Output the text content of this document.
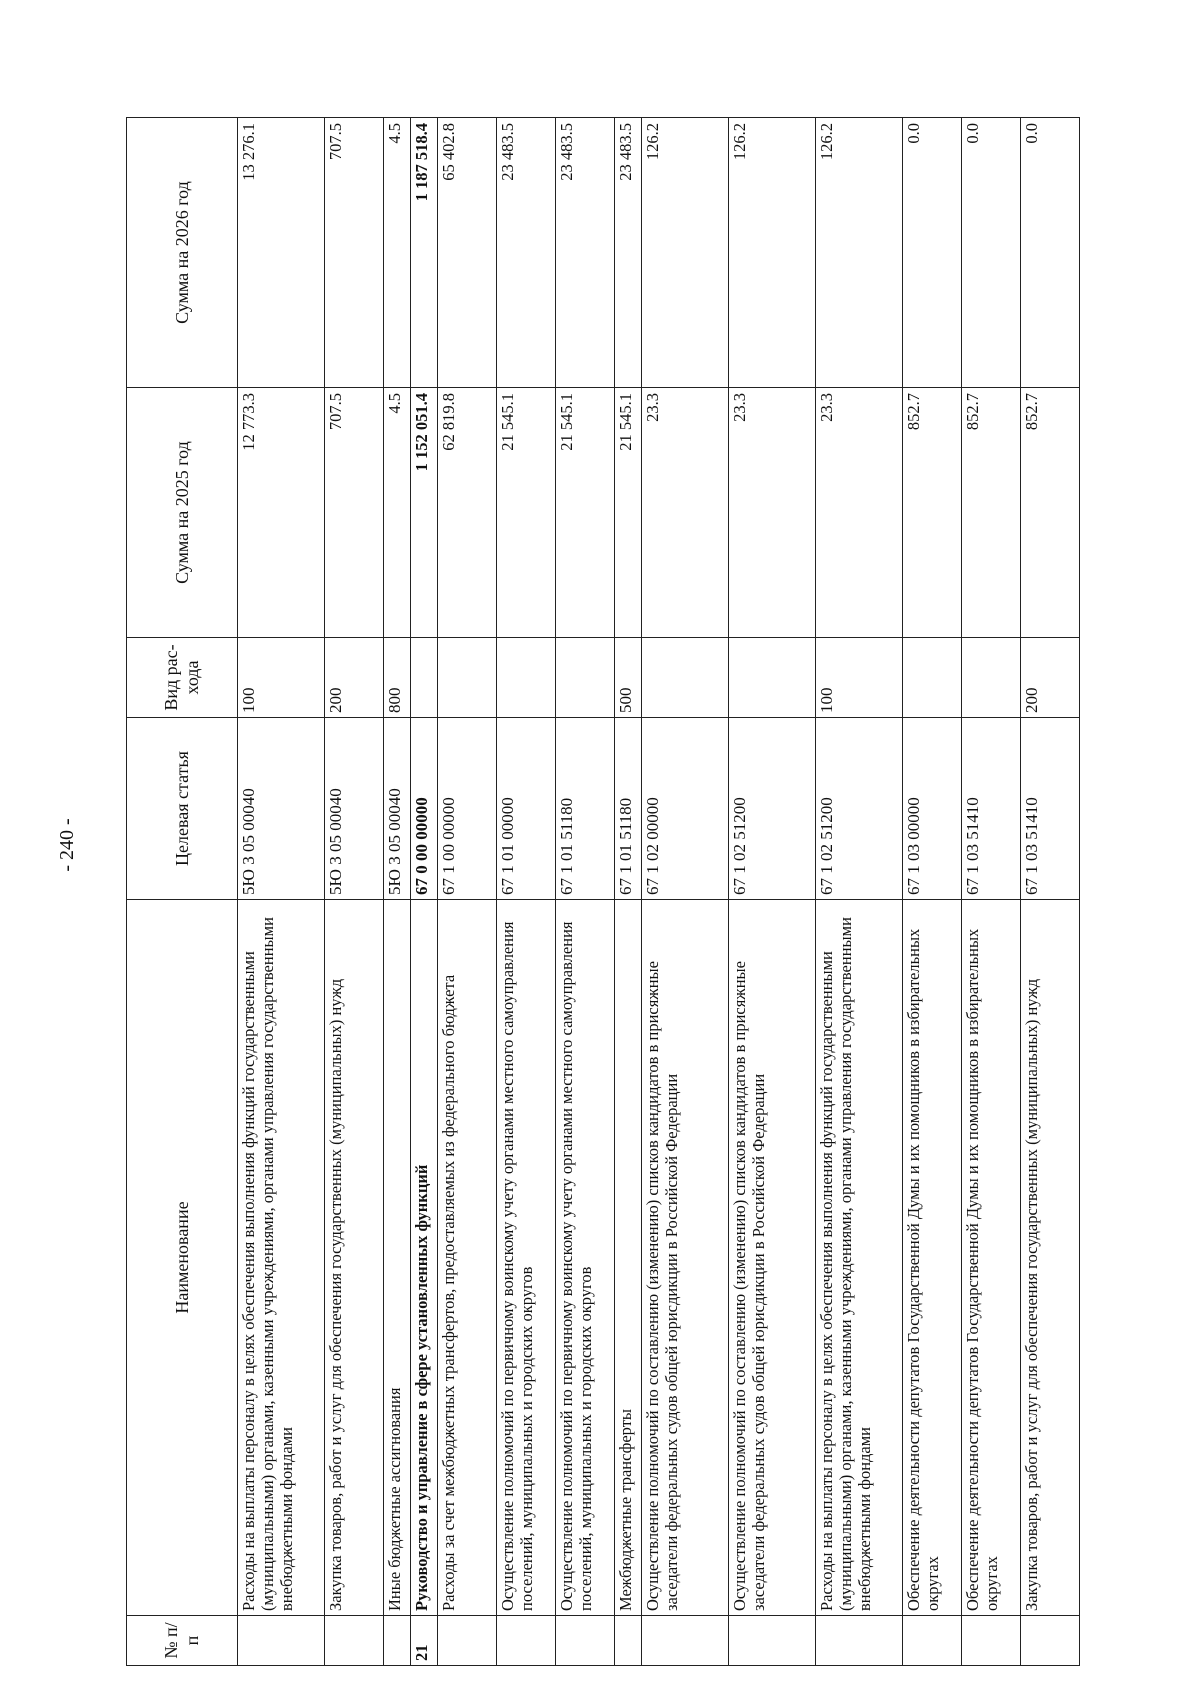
- 240 -
№ п/п	Наименование	Целевая статья	Вид рас-хода	Сумма на 2025 год	Сумма на 2026 год
	Расходы на выплаты персоналу в целях обеспечения выполнения функций государственными (муниципальными) органами, казенными учреждениями, органами управления государственными внебюджетными фондами	5Ю 3 05 00040	100	12 773.3	13 276.1
	Закупка товаров, работ и услуг для обеспечения государственных (муниципальных) нужд	5Ю 3 05 00040	200	707.5	707.5
	Иные бюджетные ассигнования	5Ю 3 05 00040	800	4.5	4.5
21	Руководство и управление в сфере установленных функций	67 0 00 00000		1 152 051.4	1 187 518.4
	Расходы за счет межбюджетных трансфертов, предоставляемых из федерального бюджета	67 1 00 00000		62 819.8	65 402.8
	Осуществление полномочий по первичному воинскому учету органами местного самоуправления поселений, муниципальных и городских округов	67 1 01 00000		21 545.1	23 483.5
	Осуществление полномочий по первичному воинскому учету органами местного самоуправления поселений, муниципальных и городских округов	67 1 01 51180		21 545.1	23 483.5
	Межбюджетные трансферты	67 1 01 51180	500	21 545.1	23 483.5
	Осуществление полномочий по составлению (изменению) списков кандидатов в присяжные заседатели федеральных судов общей юрисдикции в Российской Федерации	67 1 02 00000		23.3	126.2
	Осуществление полномочий по составлению (изменению) списков кандидатов в присяжные заседатели федеральных судов общей юрисдикции в Российской Федерации	67 1 02 51200		23.3	126.2
	Расходы на выплаты персоналу в целях обеспечения выполнения функций государственными (муниципальными) органами, казенными учреждениями, органами управления государственными внебюджетными фондами	67 1 02 51200	100	23.3	126.2
	Обеспечение деятельности депутатов Государственной Думы и их помощников в избирательных округах	67 1 03 00000		852.7	0.0
	Обеспечение деятельности депутатов Государственной Думы и их помощников в избирательных округах	67 1 03 51410		852.7	0.0
	Закупка товаров, работ и услуг для обеспечения государственных (муниципальных) нужд	67 1 03 51410	200	852.7	0.0
